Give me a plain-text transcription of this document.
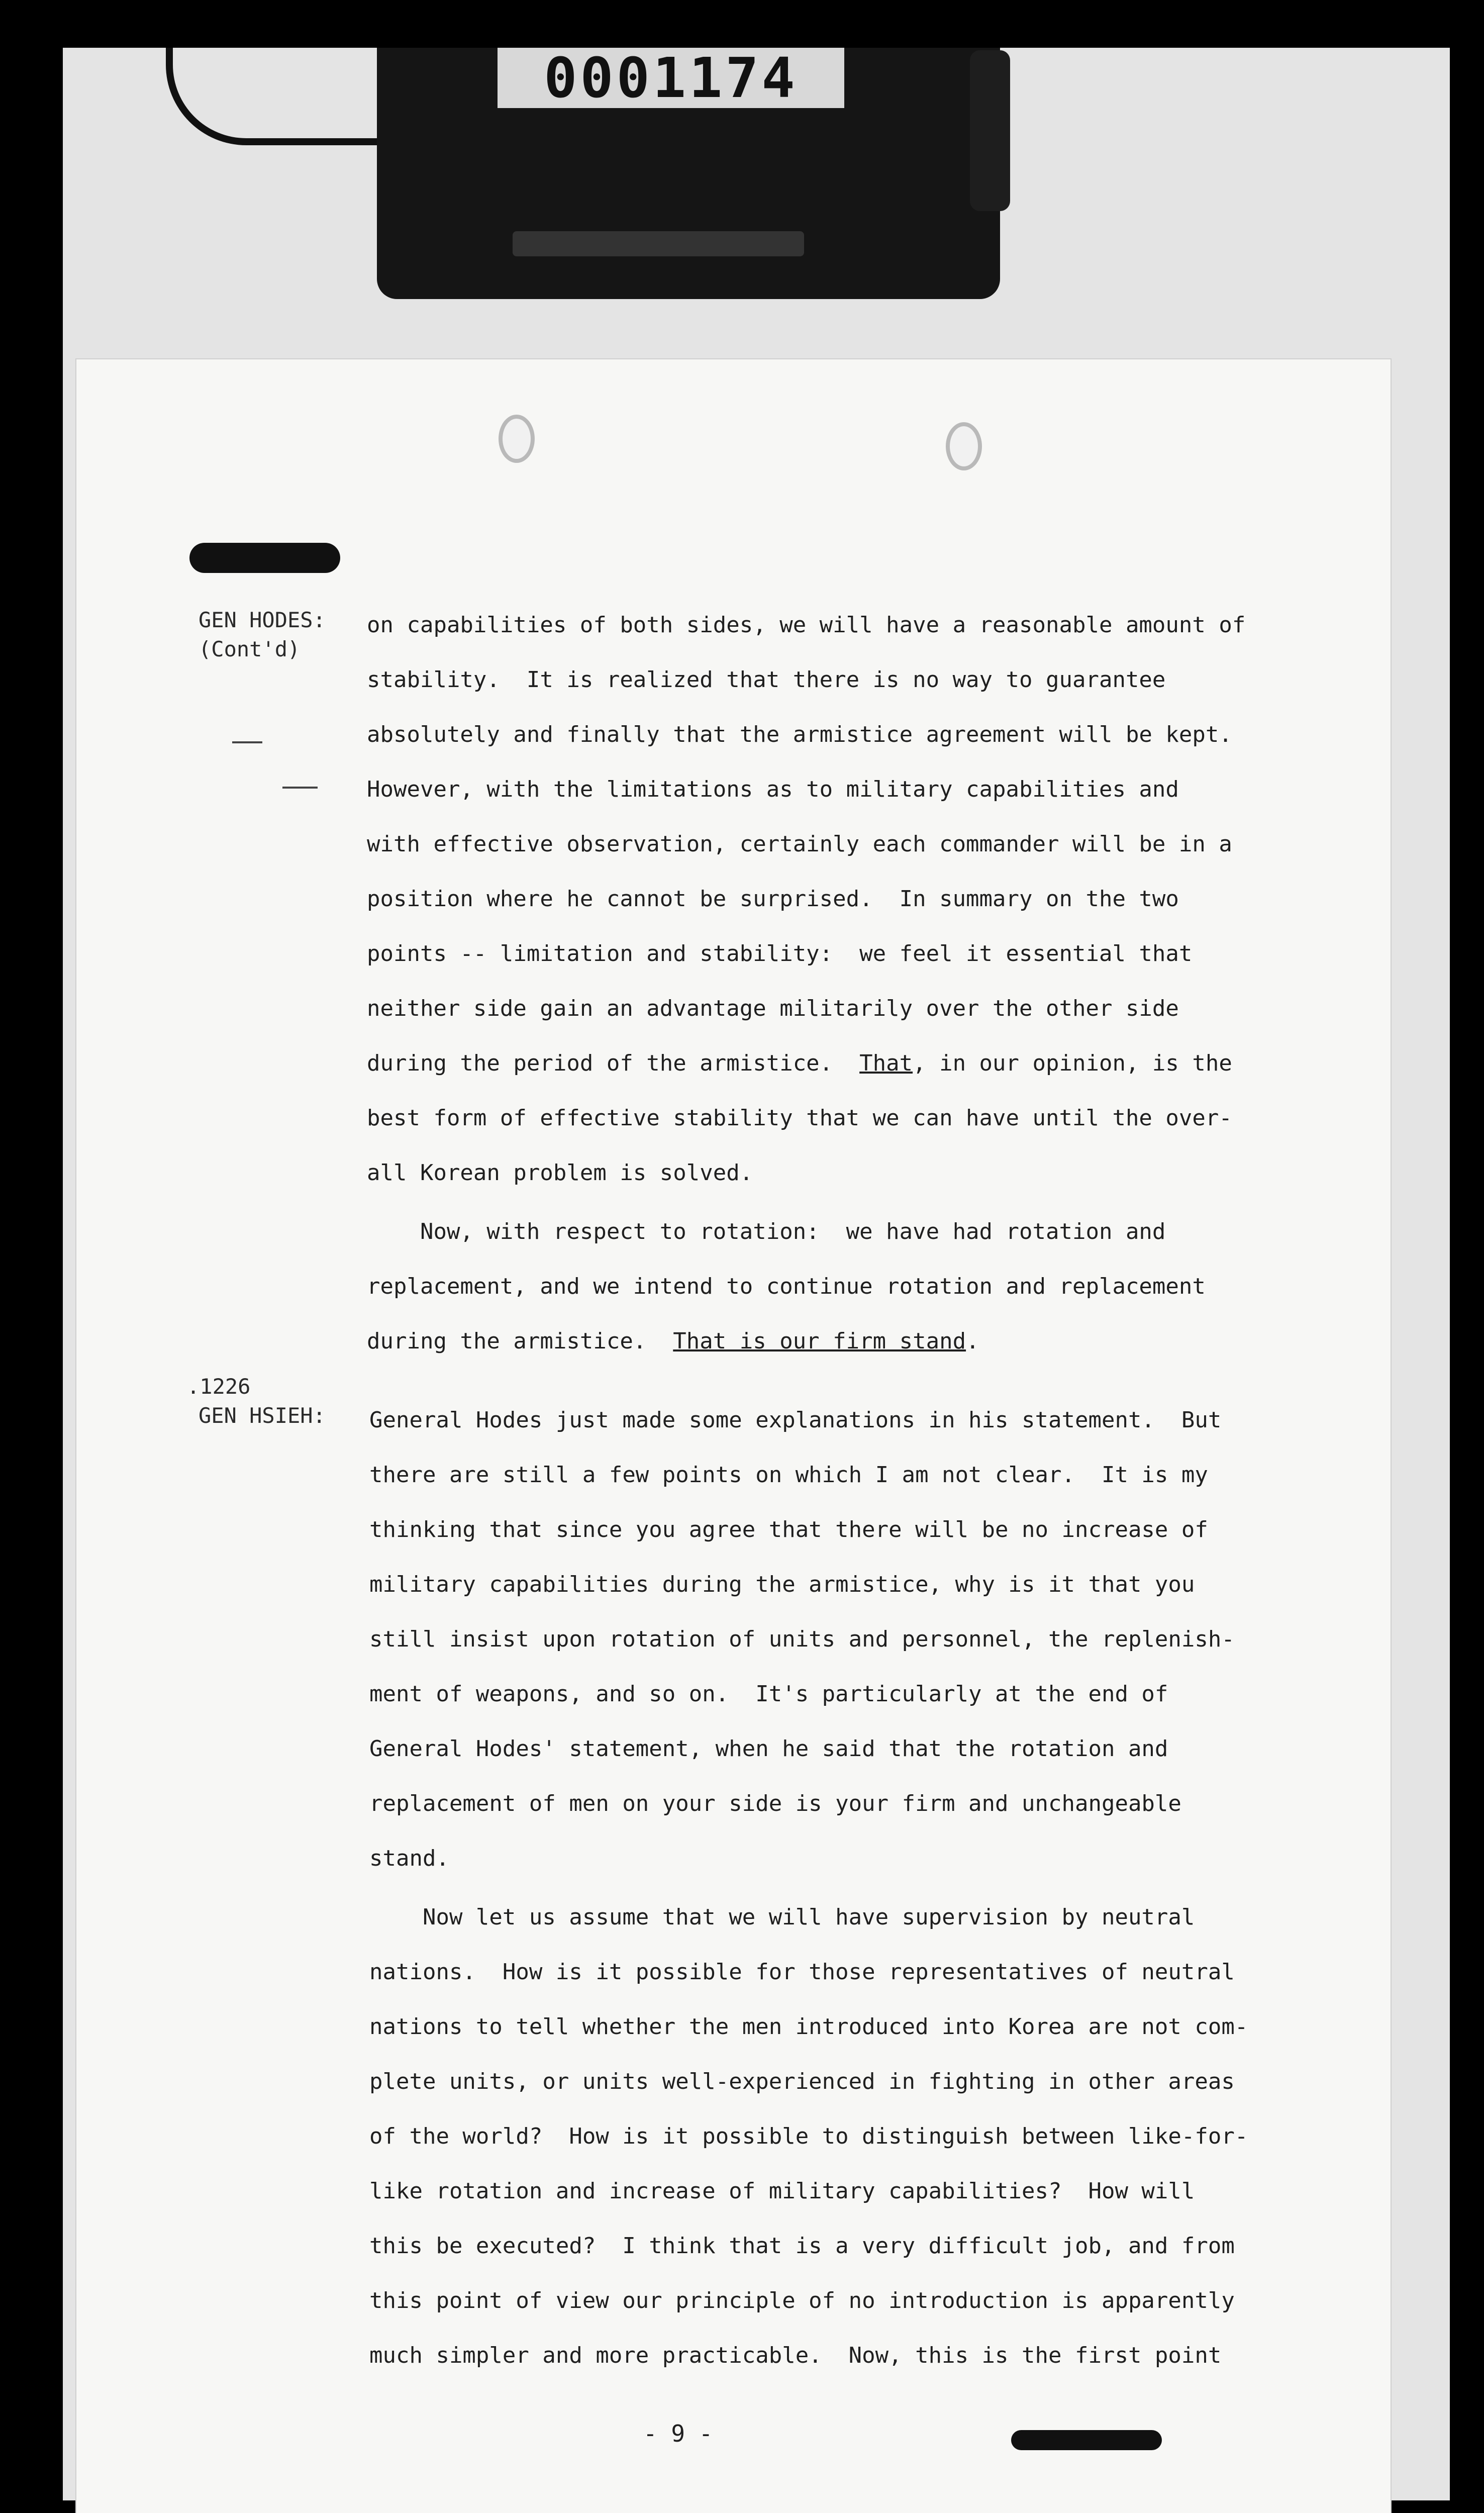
0001174
GEN HODES:
(Cont'd)
.1226
GEN HSIEH:
on capabilities of both sides, we will have a reasonable amount of
stability.  It is realized that there is no way to guarantee
absolutely and finally that the armistice agreement will be kept.
However, with the limitations as to military capabilities and
with effective observation, certainly each commander will be in a
position where he cannot be surprised.  In summary on the two
points -- limitation and stability:  we feel it essential that
neither side gain an advantage militarily over the other side
during the period of the armistice.  That, in our opinion, is the
best form of effective stability that we can have until the over-
all Korean problem is solved.
Now, with respect to rotation:  we have had rotation and
replacement, and we intend to continue rotation and replacement
during the armistice.  That is our firm stand.
General Hodes just made some explanations in his statement.  But
there are still a few points on which I am not clear.  It is my
thinking that since you agree that there will be no increase of
military capabilities during the armistice, why is it that you
still insist upon rotation of units and personnel, the replenish-
ment of weapons, and so on.  It's particularly at the end of
General Hodes' statement, when he said that the rotation and
replacement of men on your side is your firm and unchangeable
stand.
Now let us assume that we will have supervision by neutral
nations.  How is it possible for those representatives of neutral
nations to tell whether the men introduced into Korea are not com-
plete units, or units well-experienced in fighting in other areas
of the world?  How is it possible to distinguish between like-for-
like rotation and increase of military capabilities?  How will
this be executed?  I think that is a very difficult job, and from
this point of view our principle of no introduction is apparently
much simpler and more practicable.  Now, this is the first point
- 9 -
